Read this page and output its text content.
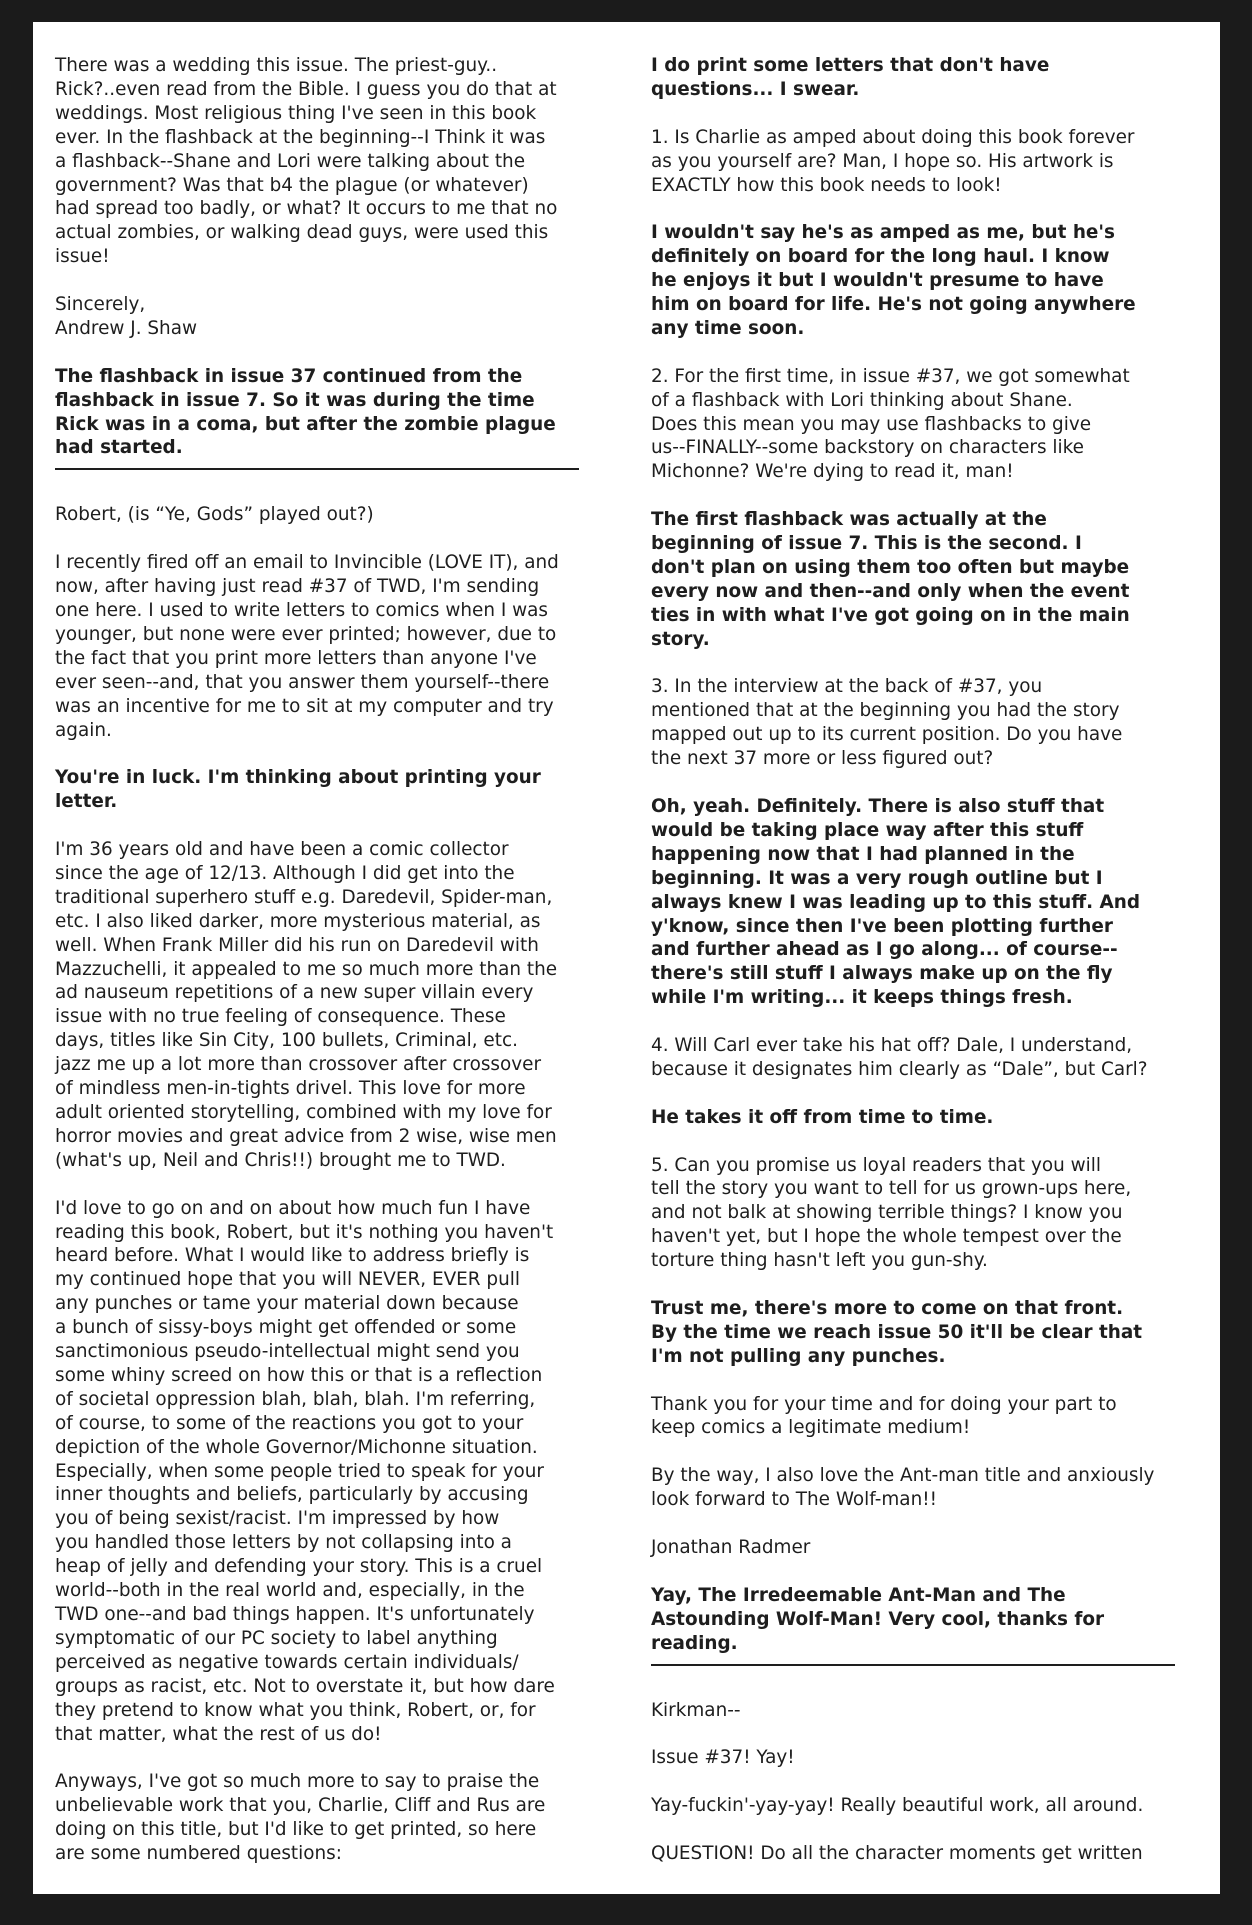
There was a wedding this issue. The priest-guy..
Rick?..even read from the Bible. I guess you do that at
weddings. Most religious thing I've seen in this book
ever. In the flashback at the beginning--I Think it was
a flashback--Shane and Lori were talking about the
government? Was that b4 the plague (or whatever)
had spread too badly, or what? It occurs to me that no
actual zombies, or walking dead guys, were used this
issue!

Sincerely,
Andrew J. Shaw

The flashback in issue 37 continued from the
flashback in issue 7. So it was during the time
Rick was in a coma, but after the zombie plague
had started.

Robert, (is “Ye, Gods” played out?)

I recently fired off an email to Invincible (LOVE IT), and
now, after having just read #37 of TWD, I'm sending
one here. I used to write letters to comics when I was
younger, but none were ever printed; however, due to
the fact that you print more letters than anyone I've
ever seen--and, that you answer them yourself--there
was an incentive for me to sit at my computer and try
again.

You're in luck. I'm thinking about printing your
letter.

I'm 36 years old and have been a comic collector
since the age of 12/13. Although I did get into the
traditional superhero stuff e.g. Daredevil, Spider-man,
etc. I also liked darker, more mysterious material, as
well. When Frank Miller did his run on Daredevil with
Mazzuchelli, it appealed to me so much more than the
ad nauseum repetitions of a new super villain every
issue with no true feeling of consequence. These
days, titles like Sin City, 100 bullets, Criminal, etc.
jazz me up a lot more than crossover after crossover
of mindless men-in-tights drivel. This love for more
adult oriented storytelling, combined with my love for
horror movies and great advice from 2 wise, wise men
(what's up, Neil and Chris!!) brought me to TWD.

I'd love to go on and on about how much fun I have
reading this book, Robert, but it's nothing you haven't
heard before. What I would like to address briefly is
my continued hope that you will NEVER, EVER pull
any punches or tame your material down because
a bunch of sissy-boys might get offended or some
sanctimonious pseudo-intellectual might send you
some whiny screed on how this or that is a reflection
of societal oppression blah, blah, blah. I'm referring,
of course, to some of the reactions you got to your
depiction of the whole Governor/Michonne situation.
Especially, when some people tried to speak for your
inner thoughts and beliefs, particularly by accusing
you of being sexist/racist. I'm impressed by how
you handled those letters by not collapsing into a
heap of jelly and defending your story. This is a cruel
world--both in the real world and, especially, in the
TWD one--and bad things happen. It's unfortunately
symptomatic of our PC society to label anything
perceived as negative towards certain individuals/
groups as racist, etc. Not to overstate it, but how dare
they pretend to know what you think, Robert, or, for
that matter, what the rest of us do!

Anyways, I've got so much more to say to praise the
unbelievable work that you, Charlie, Cliff and Rus are
doing on this title, but I'd like to get printed, so here
are some numbered questions:

I do print some letters that don't have
questions... I swear.

1. Is Charlie as amped about doing this book forever
as you yourself are? Man, I hope so. His artwork is
EXACTLY how this book needs to look!

I wouldn't say he's as amped as me, but he's
definitely on board for the long haul. I know
he enjoys it but I wouldn't presume to have
him on board for life. He's not going anywhere
any time soon.

2. For the first time, in issue #37, we got somewhat
of a flashback with Lori thinking about Shane.
Does this mean you may use flashbacks to give
us--FINALLY--some backstory on characters like
Michonne? We're dying to read it, man!

The first flashback was actually at the
beginning of issue 7. This is the second. I
don't plan on using them too often but maybe
every now and then--and only when the event
ties in with what I've got going on in the main
story.

3. In the interview at the back of #37, you
mentioned that at the beginning you had the story
mapped out up to its current position. Do you have
the next 37 more or less figured out?

Oh, yeah. Definitely. There is also stuff that
would be taking place way after this stuff
happening now that I had planned in the
beginning. It was a very rough outline but I
always knew I was leading up to this stuff. And
y'know, since then I've been plotting further
and further ahead as I go along... of course--
there's still stuff I always make up on the fly
while I'm writing... it keeps things fresh.

4. Will Carl ever take his hat off? Dale, I understand,
because it designates him clearly as “Dale”, but Carl?

He takes it off from time to time.

5. Can you promise us loyal readers that you will
tell the story you want to tell for us grown-ups here,
and not balk at showing terrible things? I know you
haven't yet, but I hope the whole tempest over the
torture thing hasn't left you gun-shy.

Trust me, there's more to come on that front.
By the time we reach issue 50 it'll be clear that
I'm not pulling any punches.

Thank you for your time and for doing your part to
keep comics a legitimate medium!

By the way, I also love the Ant-man title and anxiously
look forward to The Wolf-man!!

Jonathan Radmer

Yay, The Irredeemable Ant-Man and The
Astounding Wolf-Man! Very cool, thanks for
reading.

Kirkman--

Issue #37! Yay!

Yay-fuckin'-yay-yay! Really beautiful work, all around.

QUESTION! Do all the character moments get written
